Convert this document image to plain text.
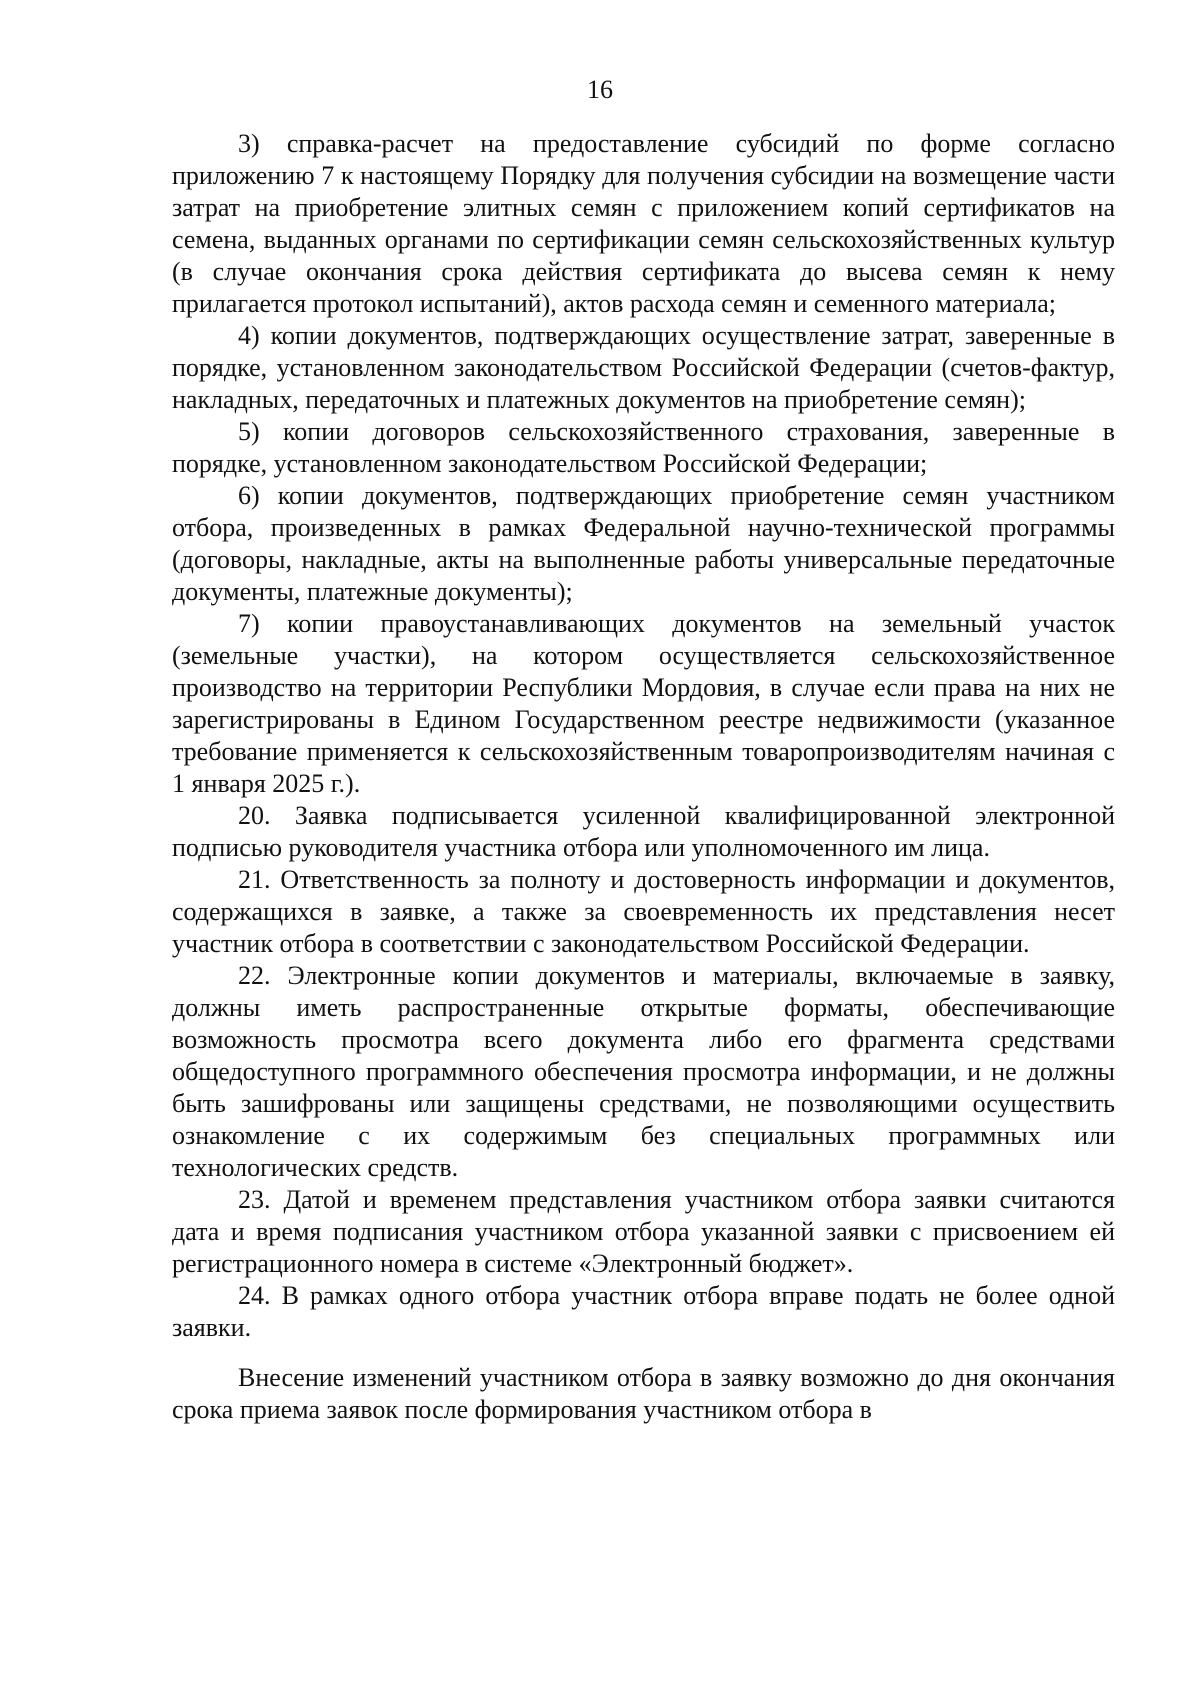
16

3) справка-расчет на предоставление субсидий по форме согласно приложению 7 к настоящему Порядку для получения субсидии на возмещение части затрат на приобретение элитных семян с приложением копий сертификатов на семена, выданных органами по сертификации семян сельскохозяйственных культур (в случае окончания срока действия сертификата до высева семян к нему прилагается протокол испытаний), актов расхода семян и семенного материала;

4) копии документов, подтверждающих осуществление затрат, заверенные в порядке, установленном законодательством Российской Федерации (счетов-фактур, накладных, передаточных и платежных документов на приобретение семян);

5) копии договоров сельскохозяйственного страхования, заверенные в порядке, установленном законодательством Российской Федерации;

6) копии документов, подтверждающих приобретение семян участником отбора, произведенных в рамках Федеральной научно-технической программы (договоры, накладные, акты на выполненные работы универсальные передаточные документы, платежные документы);

7) копии правоустанавливающих документов на земельный участок (земельные участки), на котором осуществляется сельскохозяйственное производство на территории Республики Мордовия, в случае если права на них не зарегистрированы в Едином Государственном реестре недвижимости (указанное требование применяется к сельскохозяйственным товаропроизводителям начиная с 1 января 2025 г.).

20. Заявка подписывается усиленной квалифицированной электронной подписью руководителя участника отбора или уполномоченного им лица.

21. Ответственность за полноту и достоверность информации и документов, содержащихся в заявке, а также за своевременность их представления несет участник отбора в соответствии с законодательством Российской Федерации.

22. Электронные копии документов и материалы, включаемые в заявку, должны иметь распространенные открытые форматы, обеспечивающие возможность просмотра всего документа либо его фрагмента средствами общедоступного программного обеспечения просмотра информации, и не должны быть зашифрованы или защищены средствами, не позволяющими осуществить ознакомление с их содержимым без специальных программных или технологических средств.

23. Датой и временем представления участником отбора заявки считаются дата и время подписания участником отбора указанной заявки с присвоением ей регистрационного номера в системе «Электронный бюджет».

24. В рамках одного отбора участник отбора вправе подать не более одной заявки.

Внесение изменений участником отбора в заявку возможно до дня окончания срока приема заявок после формирования участником отбора в
